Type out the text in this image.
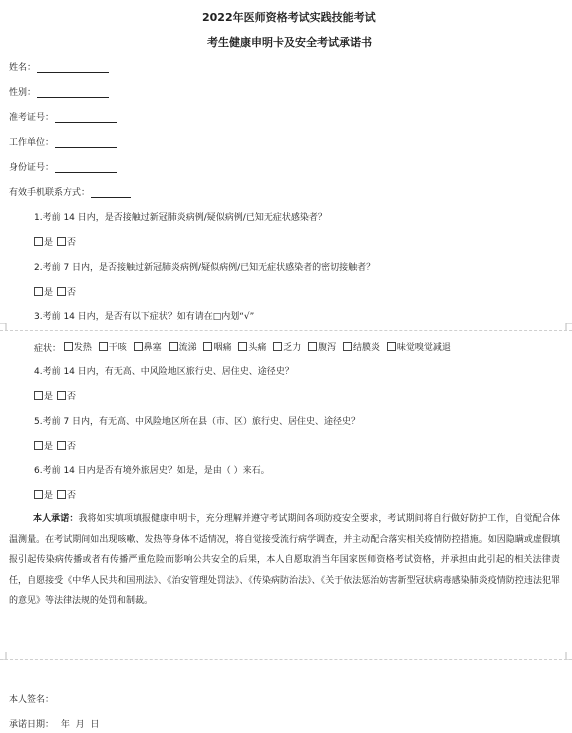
2022年医师资格考试实践技能考试
考生健康申明卡及安全考试承诺书
姓名：
性别：
准考证号：
工作单位：
身份证号：
有效手机联系方式：
1.考前 14 日内，是否接触过新冠肺炎病例/疑似病例/已知无症状感染者？
是 否
2.考前 7 日内，是否接触过新冠肺炎病例/疑似病例/已知无症状感染者的密切接触者？
是 否
3.考前 14 日内，是否有以下症状？如有请在□内划“√”
症状： 发热
干咳
鼻塞
流涕
咽痛
头痛
乏力
腹泻
结膜炎
味觉嗅觉减退
4.考前 14 日内，有无高、中风险地区旅行史、居住史、途径史？
是 否
5.考前 7 日内，有无高、中风险地区所在县（市、区）旅行史、居住史、途径史？
是 否
6.考前 14 日内是否有境外旅居史？如是，是由（ ）来石。
是 否
本人承诺：我将如实填项填报健康申明卡，充分理解并遵守考试期间各项防疫安全要求，考试期间将自行做好防护工作，自觉配合体温测量。在考试期间如出现咳嗽、发热等身体不适情况，将自觉接受流行病学调查，并主动配合落实相关疫情防控措施。如因隐瞒或虚假填报引起传染病传播或者有传播严重危险而影响公共安全的后果，本人自愿取消当年国家医师资格考试资格，并承担由此引起的相关法律责任，自愿接受《中华人民共和国刑法》、《治安管理处罚法》、《传染病防治法》、《关于依法惩治妨害新型冠状病毒感染肺炎疫情防控违法犯罪的意见》等法律法规的处罚和制裁。
本人签名：
承诺日期： 年  月  日
